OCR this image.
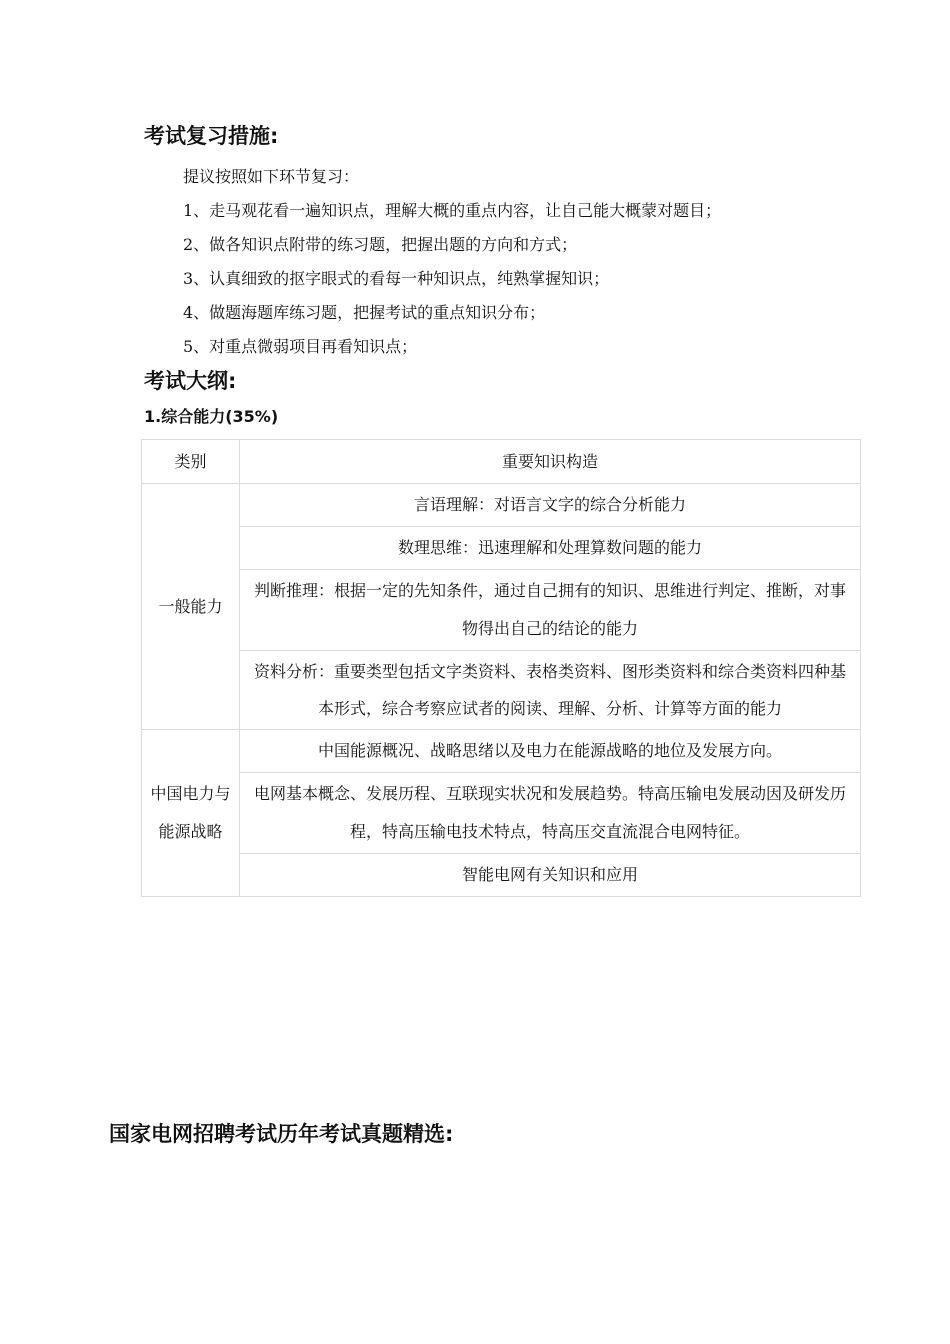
考试复习措施:
提议按照如下环节复习：
1、走马观花看一遍知识点，理解大概的重点内容，让自己能大概蒙对题目；
2、做各知识点附带的练习题，把握出题的方向和方式；
3、认真细致的抠字眼式的看每一种知识点，纯熟掌握知识；
4、做题海题库练习题，把握考试的重点知识分布；
5、对重点微弱项目再看知识点；
考试大纲:
1.综合能力(35%)
类别	重要知识构造
一般能力	言语理解：对语言文字的综合分析能力
	数理思维：迅速理解和处理算数问题的能力
	判断推理：根据一定的先知条件，通过自己拥有的知识、思维进行判定、推断，对事物得出自己的结论的能力
	资料分析：重要类型包括文字类资料、表格类资料、图形类资料和综合类资料四种基本形式，综合考察应试者的阅读、理解、分析、计算等方面的能力
中国电力与能源战略	中国能源概况、战略思绪以及电力在能源战略的地位及发展方向。
	电网基本概念、发展历程、互联现实状况和发展趋势。特高压输电发展动因及研发历程，特高压输电技术特点，特高压交直流混合电网特征。
	智能电网有关知识和应用
国家电网招聘考试历年考试真题精选:
